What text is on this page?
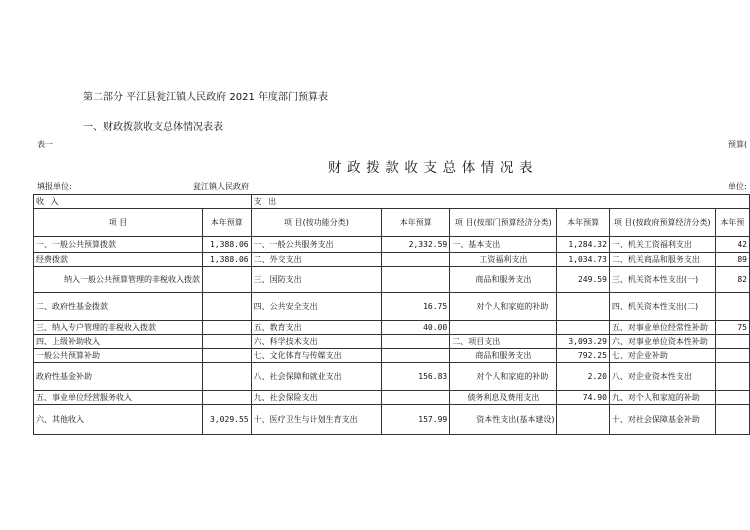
第二部分 平江县瓮江镇人民政府 2021 年度部门预算表
一、财政拨款收支总体情况表表
表一	预算(
财政拨款收支总体情况表
填报单位:	瓮江镇人民政府	单位:
收 入		支 出					
项 目	本年预算	项 目(按功能分类)	本年预算	项 目(按部门预算经济分类)	本年预算	项 目(按政府预算经济分类)	本年预
一、一般公共预算拨款	1,388.06	一、一般公共服务支出	2,332.59	一、基本支出	1,284.32	一、机关工资福利支出	42
经费拨款	1,388.06	二、外交支出		工资福利支出	1,034.73	二、机关商品和服务支出	89
纳入一般公共预算管理的非税收入拨款		三、国防支出		商品和服务支出	249.59	三、机关资本性支出(一)	82
二、政府性基金拨款		四、公共安全支出	16.75	对个人和家庭的补助		四、机关资本性支出(二)	
三、纳入专户管理的非税收入拨款		五、教育支出	40.00			五、对事业单位经常性补助	75
四、上级补助收入		六、科学技术支出		二、项目支出	3,093.29	六、对事业单位资本性补助	
一般公共预算补助		七、文化体育与传媒支出		商品和服务支出	792.25	七、对企业补助	
政府性基金补助		八、社会保障和就业支出	156.83	对个人和家庭的补助	2.20	八、对企业资本性支出	
五、事业单位经营服务收入		九、社会保险支出		债务利息及费用支出	74.90	九、对个人和家庭的补助	
六、其他收入	3,029.55	十、医疗卫生与计划生育支出	157.99	资本性支出(基本建设)		十、对社会保障基金补助	
